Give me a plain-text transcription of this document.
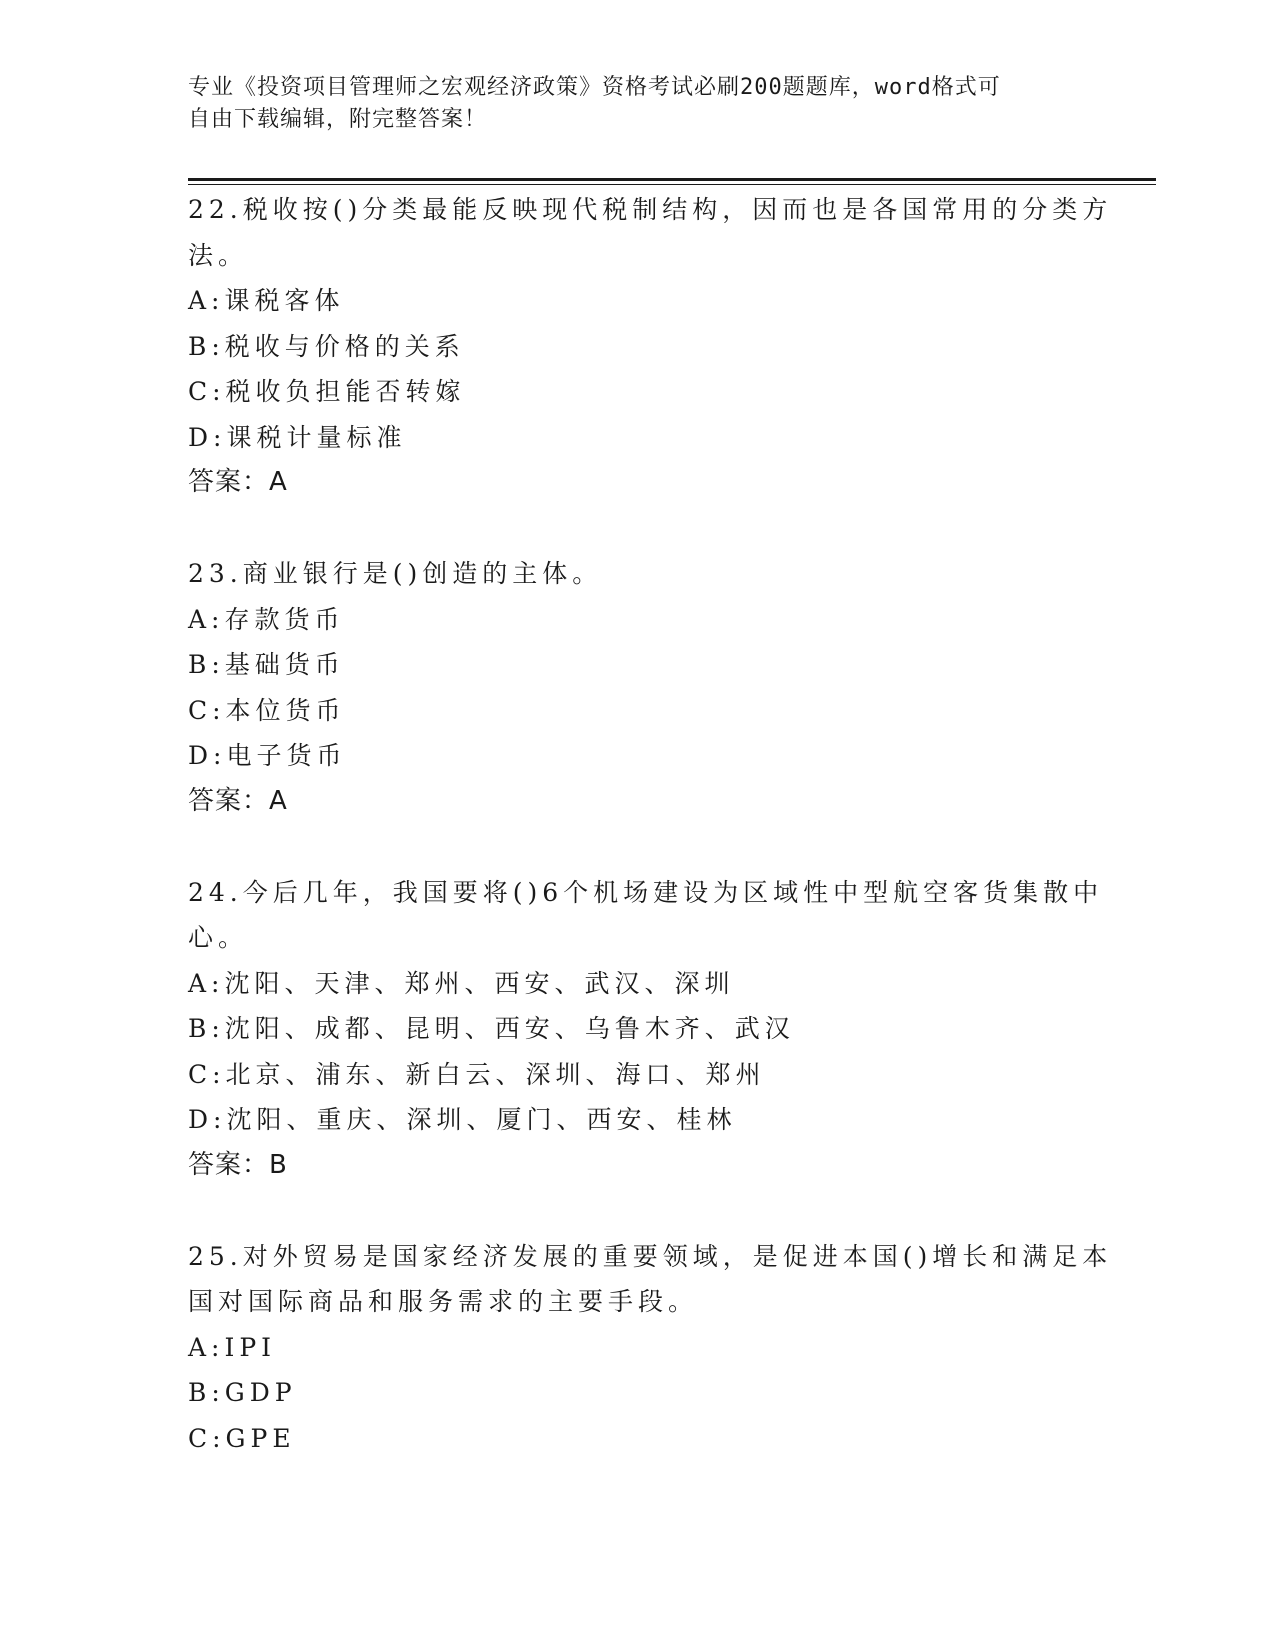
专业《投资项目管理师之宏观经济政策》资格考试必刷200题题库，word格式可
自由下载编辑，附完整答案！
22.税收按()分类最能反映现代税制结构，因而也是各国常用的分类方
法。
A:课税客体
B:税收与价格的关系
C:税收负担能否转嫁
D:课税计量标准
答案：A
23.商业银行是()创造的主体。
A:存款货币
B:基础货币
C:本位货币
D:电子货币
答案：A
24.今后几年，我国要将()6个机场建设为区域性中型航空客货集散中
心。
A:沈阳、天津、郑州、西安、武汉、深圳
B:沈阳、成都、昆明、西安、乌鲁木齐、武汉
C:北京、浦东、新白云、深圳、海口、郑州
D:沈阳、重庆、深圳、厦门、西安、桂林
答案：B
25.对外贸易是国家经济发展的重要领域，是促进本国()增长和满足本
国对国际商品和服务需求的主要手段。
A:IPI
B:GDP
C:GPE
